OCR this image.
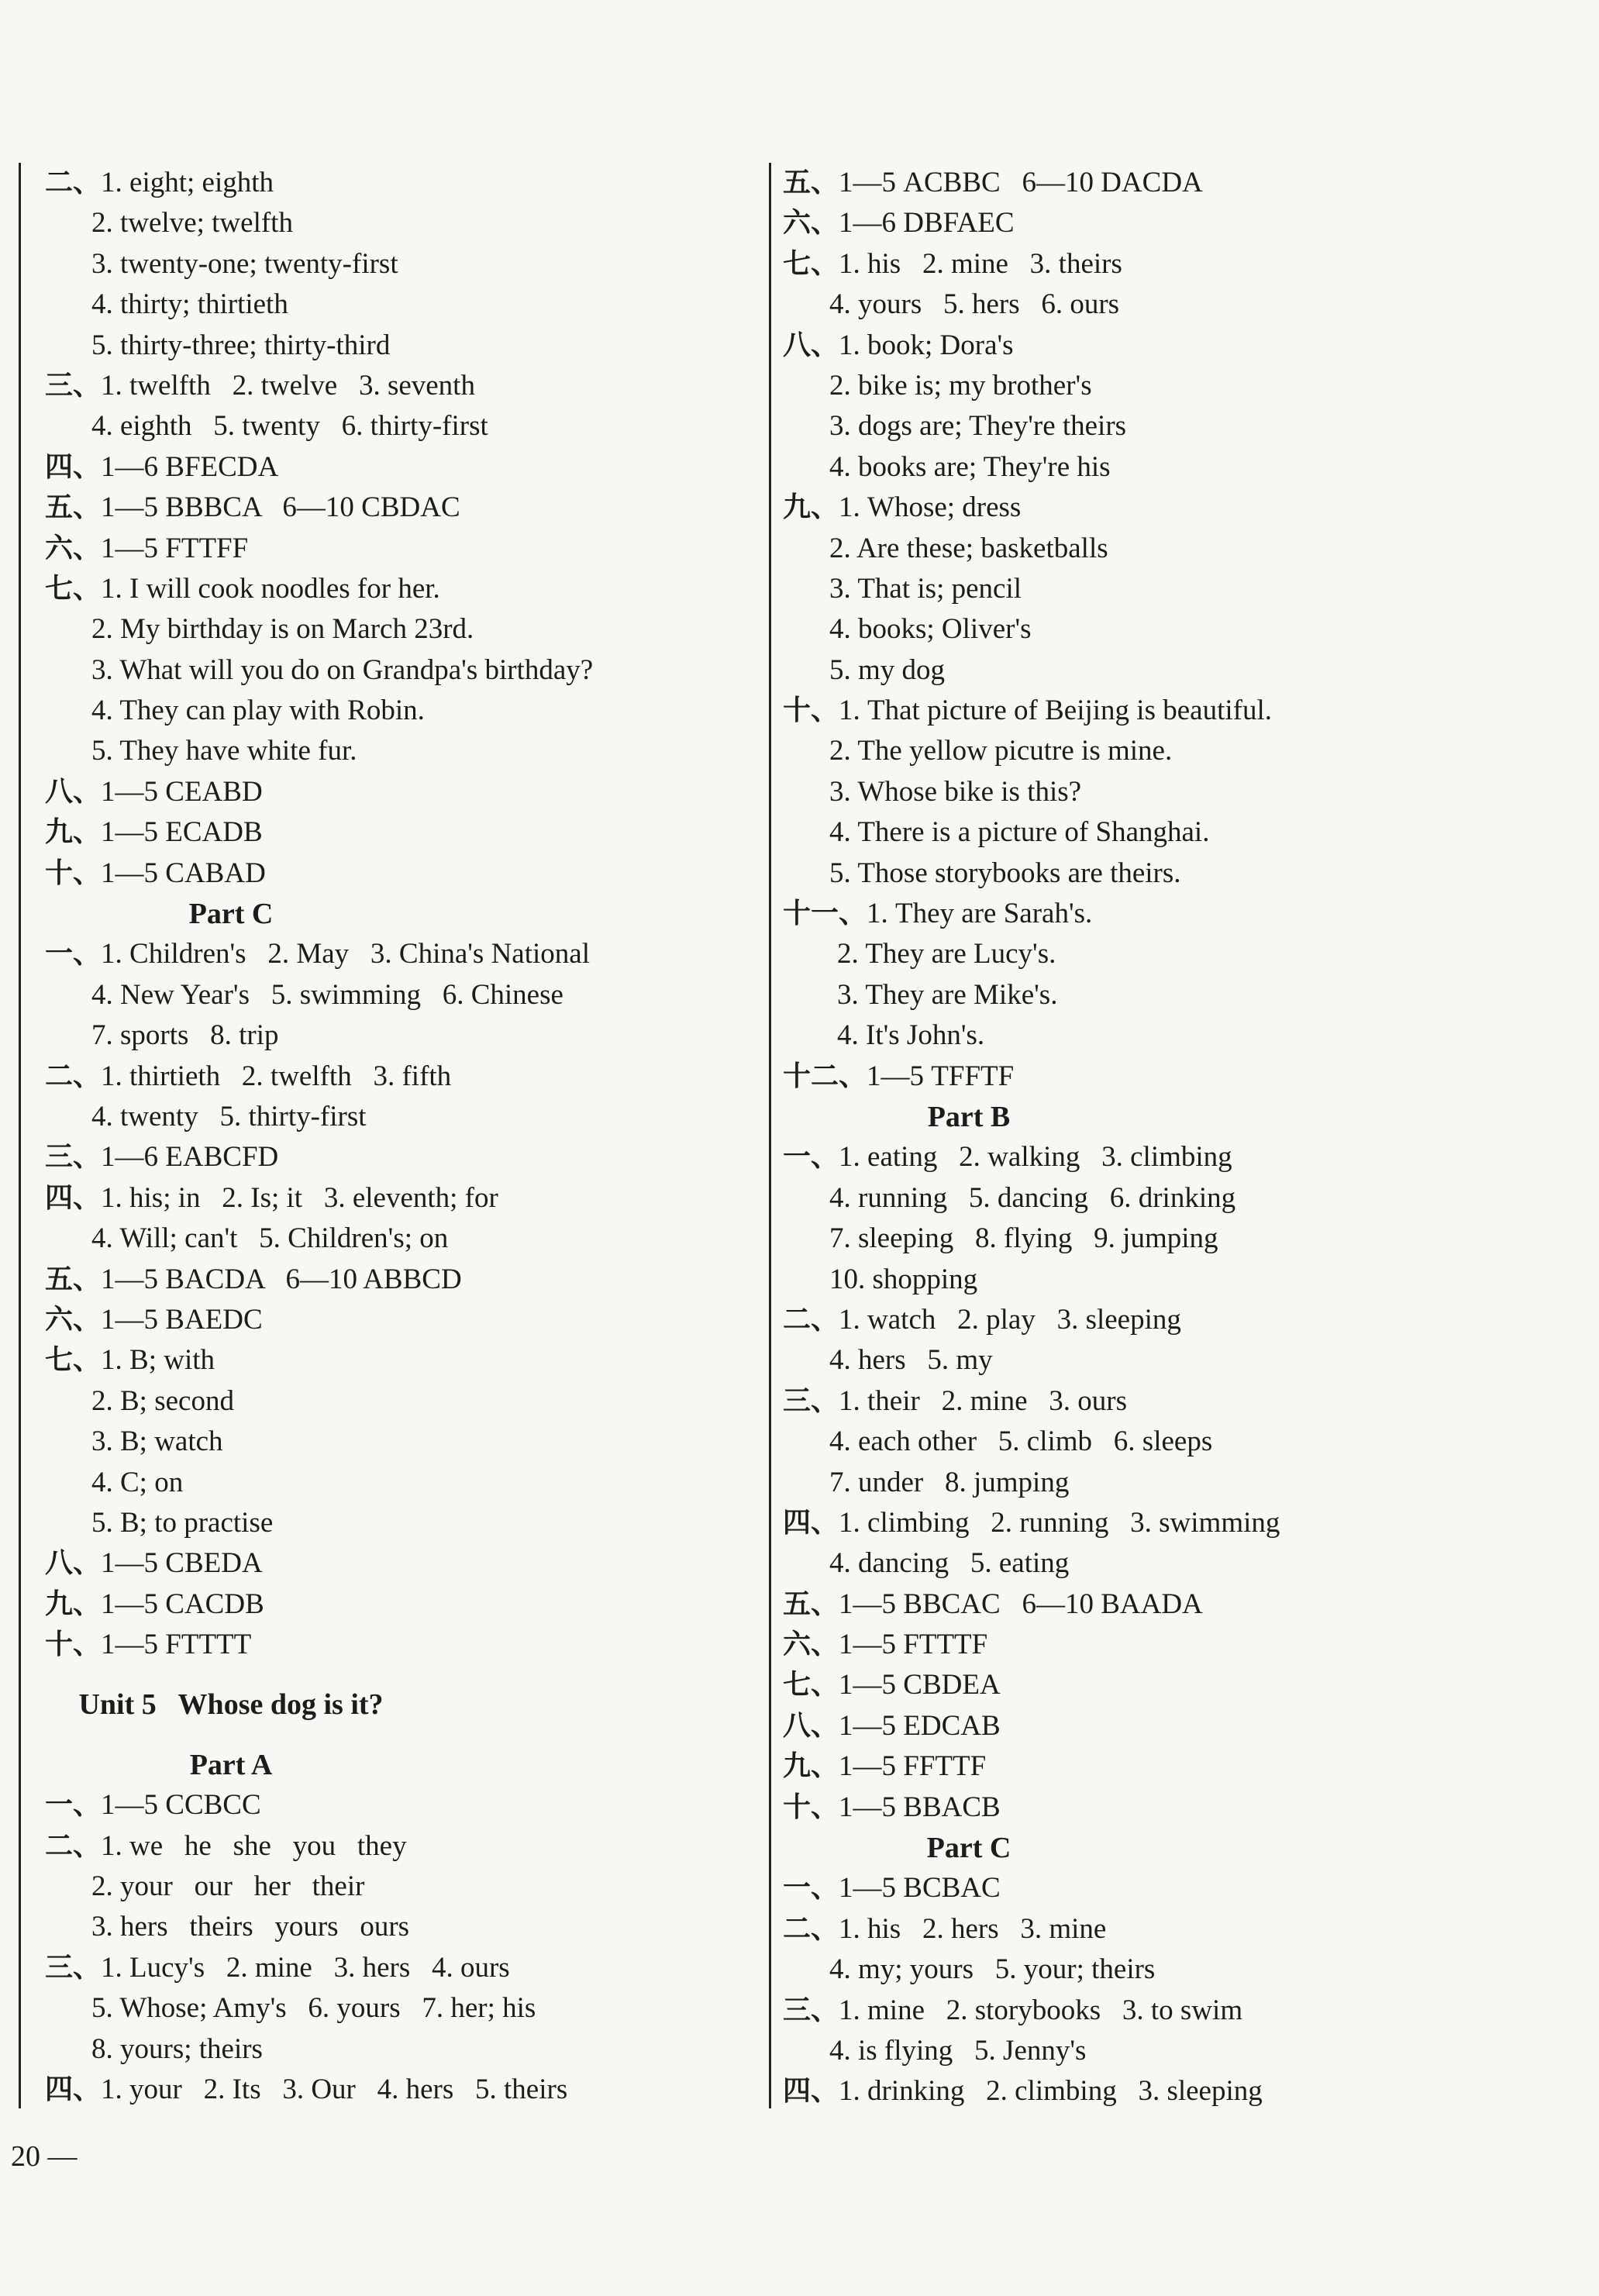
二、1. eight; eighth
2. twelve; twelfth
3. twenty-one; twenty-first
4. thirty; thirtieth
5. thirty-three; thirty-third
三、1. twelfth   2. twelve   3. seventh
4. eighth   5. twenty   6. thirty-first
四、1—6 BFECDA
五、1—5 BBBCA   6—10 CBDAC
六、1—5 FTTFF
七、1. I will cook noodles for her.
2. My birthday is on March 23rd.
3. What will you do on Grandpa's birthday?
4. They can play with Robin.
5. They have white fur.
八、1—5 CEABD
九、1—5 ECADB
十、1—5 CABAD
Part C
一、1. Children's   2. May   3. China's National
4. New Year's   5. swimming   6. Chinese
7. sports   8. trip
二、1. thirtieth   2. twelfth   3. fifth
4. twenty   5. thirty-first
三、1—6 EABCFD
四、1. his; in   2. Is; it   3. eleventh; for
4. Will; can't   5. Children's; on
五、1—5 BACDA   6—10 ABBCD
六、1—5 BAEDC
七、1. B; with
2. B; second
3. B; watch
4. C; on
5. B; to practise
八、1—5 CBEDA
九、1—5 CACDB
十、1—5 FTTTT
Unit 5   Whose dog is it?
Part A
一、1—5 CCBCC
二、1. we   he   she   you   they
2. your   our   her   their
3. hers   theirs   yours   ours
三、1. Lucy's   2. mine   3. hers   4. ours
5. Whose; Amy's   6. yours   7. her; his
8. yours; theirs
四、1. your   2. Its   3. Our   4. hers   5. theirs
五、1—5 ACBBC   6—10 DACDA
六、1—6 DBFAEC
七、1. his   2. mine   3. theirs
4. yours   5. hers   6. ours
八、1. book; Dora's
2. bike is; my brother's
3. dogs are; They're theirs
4. books are; They're his
九、1. Whose; dress
2. Are these; basketballs
3. That is; pencil
4. books; Oliver's
5. my dog
十、1. That picture of Beijing is beautiful.
2. The yellow picutre is mine.
3. Whose bike is this?
4. There is a picture of Shanghai.
5. Those storybooks are theirs.
十一、1. They are Sarah's.
2. They are Lucy's.
3. They are Mike's.
4. It's John's.
十二、1—5 TFFTF
Part B
一、1. eating   2. walking   3. climbing
4. running   5. dancing   6. drinking
7. sleeping   8. flying   9. jumping
10. shopping
二、1. watch   2. play   3. sleeping
4. hers   5. my
三、1. their   2. mine   3. ours
4. each other   5. climb   6. sleeps
7. under   8. jumping
四、1. climbing   2. running   3. swimming
4. dancing   5. eating
五、1—5 BBCAC   6—10 BAADA
六、1—5 FTTTF
七、1—5 CBDEA
八、1—5 EDCAB
九、1—5 FFTTF
十、1—5 BBACB
Part C
一、1—5 BCBAC
二、1. his   2. hers   3. mine
4. my; yours   5. your; theirs
三、1. mine   2. storybooks   3. to swim
4. is flying   5. Jenny's
四、1. drinking   2. climbing   3. sleeping
20 —
